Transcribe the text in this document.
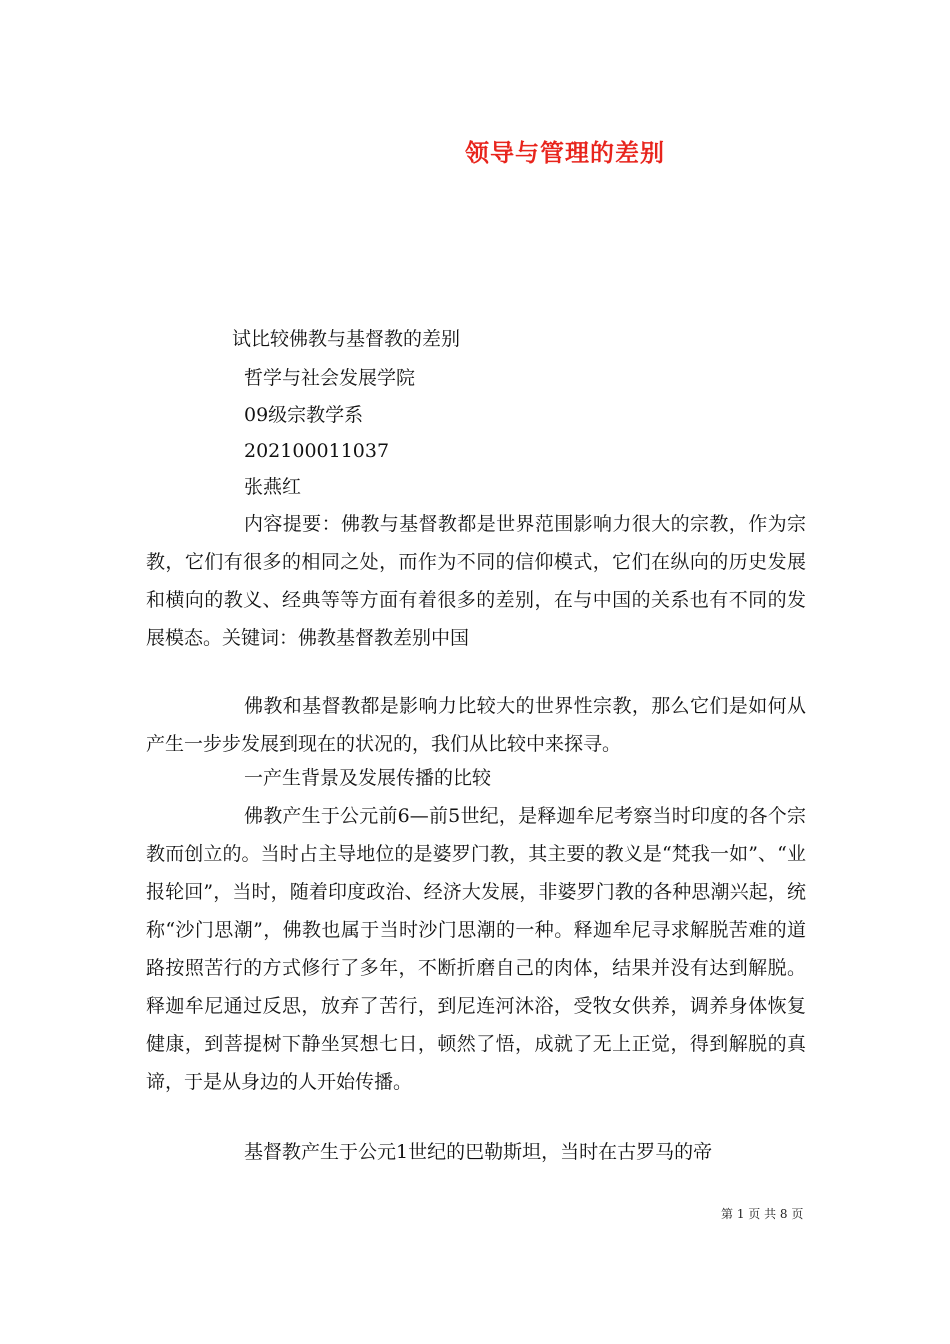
领导与管理的差别
试比较佛教与基督教的差别
哲学与社会发展学院
09级宗教学系
202100011037
张燕红

内容提要：佛教与基督教都是世界范围影响力很大的宗教，作为宗教，它们有很多的相同之处，而作为不同的信仰模式，它们在纵向的历史发展和横向的教义、经典等等方面有着很多的差别，在与中国的关系也有不同的发展模态。关键词：佛教基督教差别中国

佛教和基督教都是影响力比较大的世界性宗教，那么它们是如何从产生一步步发展到现在的状况的，我们从比较中来探寻。

一产生背景及发展传播的比较

佛教产生于公元前6—前5世纪，是释迦牟尼考察当时印度的各个宗教而创立的。当时占主导地位的是婆罗门教，其主要的教义是“梵我一如”、“业报轮回”，当时，随着印度政治、经济大发展，非婆罗门教的各种思潮兴起，统称“沙门思潮”，佛教也属于当时沙门思潮的一种。释迦牟尼寻求解脱苦难的道路按照苦行的方式修行了多年，不断折磨自己的肉体，结果并没有达到解脱。释迦牟尼通过反思，放弃了苦行，到尼连河沐浴，受牧女供养，调养身体恢复健康，到菩提树下静坐冥想七日，顿然了悟，成就了无上正觉，得到解脱的真谛，于是从身边的人开始传播。

基督教产生于公元1世纪的巴勒斯坦，当时在古罗马的帝

第 1 页 共 8 页
